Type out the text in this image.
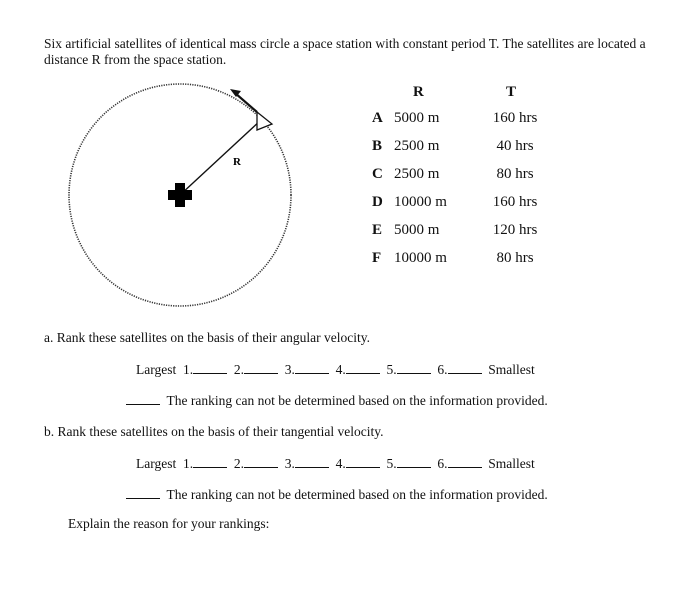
Six artificial satellites of identical mass circle a space station with constant period T. The satellites are located a distance R from the space station.
R
R	T
A 5000 m	160 hrs
B 2500 m	40 hrs
C 2500 m	80 hrs
D 10000 m	160 hrs
E 5000 m	120 hrs
F 10000 m	80 hrs
a. Rank these satellites on the basis of their angular velocity.
Largest 1.	2.	3.	4.	5.	6.	Smallest
The ranking can not be determined based on the information provided.
b. Rank these satellites on the basis of their tangential velocity.
Largest 1.	2.	3.	4.	5.	6.	Smallest
The ranking can not be determined based on the information provided.
Explain the reason for your rankings:
